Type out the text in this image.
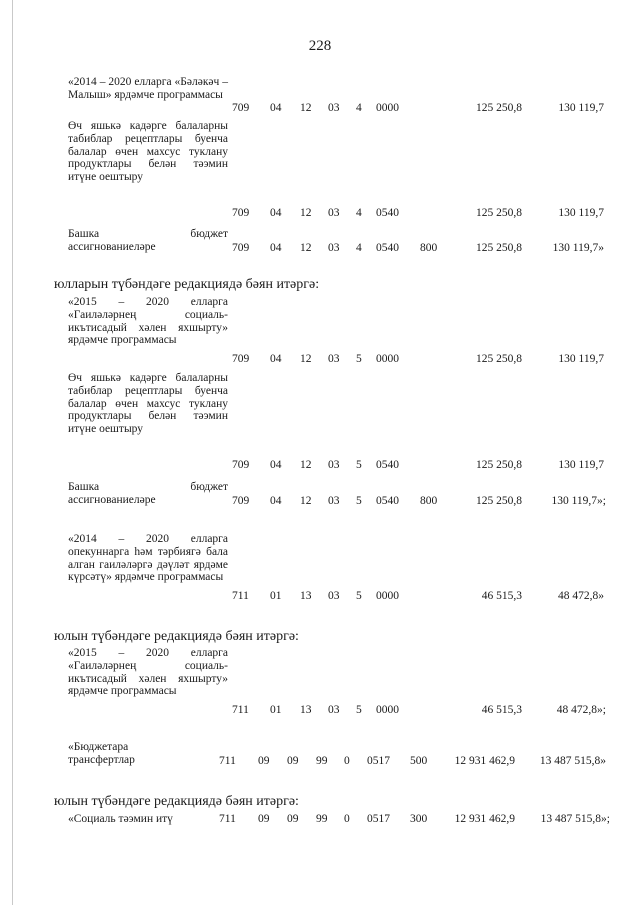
228
«2014 – 2020 елларга «Бәләкәч – Малыш» ярдәмче программасы
709 04 12 03 4 0000	125 250,8	130 119,7
Өч яшькә кадәрге балаларны табиблар рецептлары буенча балалар өчен махсус туклану продуктлары белән тәэмин итүне оештыру
709 04 12 03 4 0540	125 250,8	130 119,7
Башка бюджет ассигнованиеләре	709 04 12 03 4 0540 800	125 250,8	130 119,7»
юлларын түбәндәге редакциядә бәян итәргә:
«2015 – 2020 елларга «Гаиләләрнең социаль-икътисадый хәлен яхшырту» ярдәмче программасы
709 04 12 03 5 0000	125 250,8	130 119,7
Өч яшькә кадәрге балаларны табиблар рецептлары буенча балалар өчен махсус туклану продуктлары белән тәэмин итүне оештыру
709 04 12 03 5 0540	125 250,8	130 119,7
Башка бюджет ассигнованиеләре	709 04 12 03 5 0540 800	125 250,8	130 119,7»;
«2014 – 2020 елларга опекуннарга һәм тәрбиягә бала алган гаиләләргә дәүләт ярдәме күрсәтү» ярдәмче программасы
711 01 13 03 5 0000	46 515,3	48 472,8»
юлын түбәндәге редакциядә бәян итәргә:
«2015 – 2020 елларга «Гаиләләрнең социаль-икътисадый хәлен яхшырту» ярдәмче программасы
711 01 13 03 5 0000	46 515,3	48 472,8»;
«Бюджетара трансфертлар	711 09 09 99 0 0517 500	12 931 462,9	13 487 515,8»
юлын түбәндәге редакциядә бәян итәргә:
«Социаль тәэмин итү	711 09 09 99 0 0517 300	12 931 462,9	13 487 515,8»;
